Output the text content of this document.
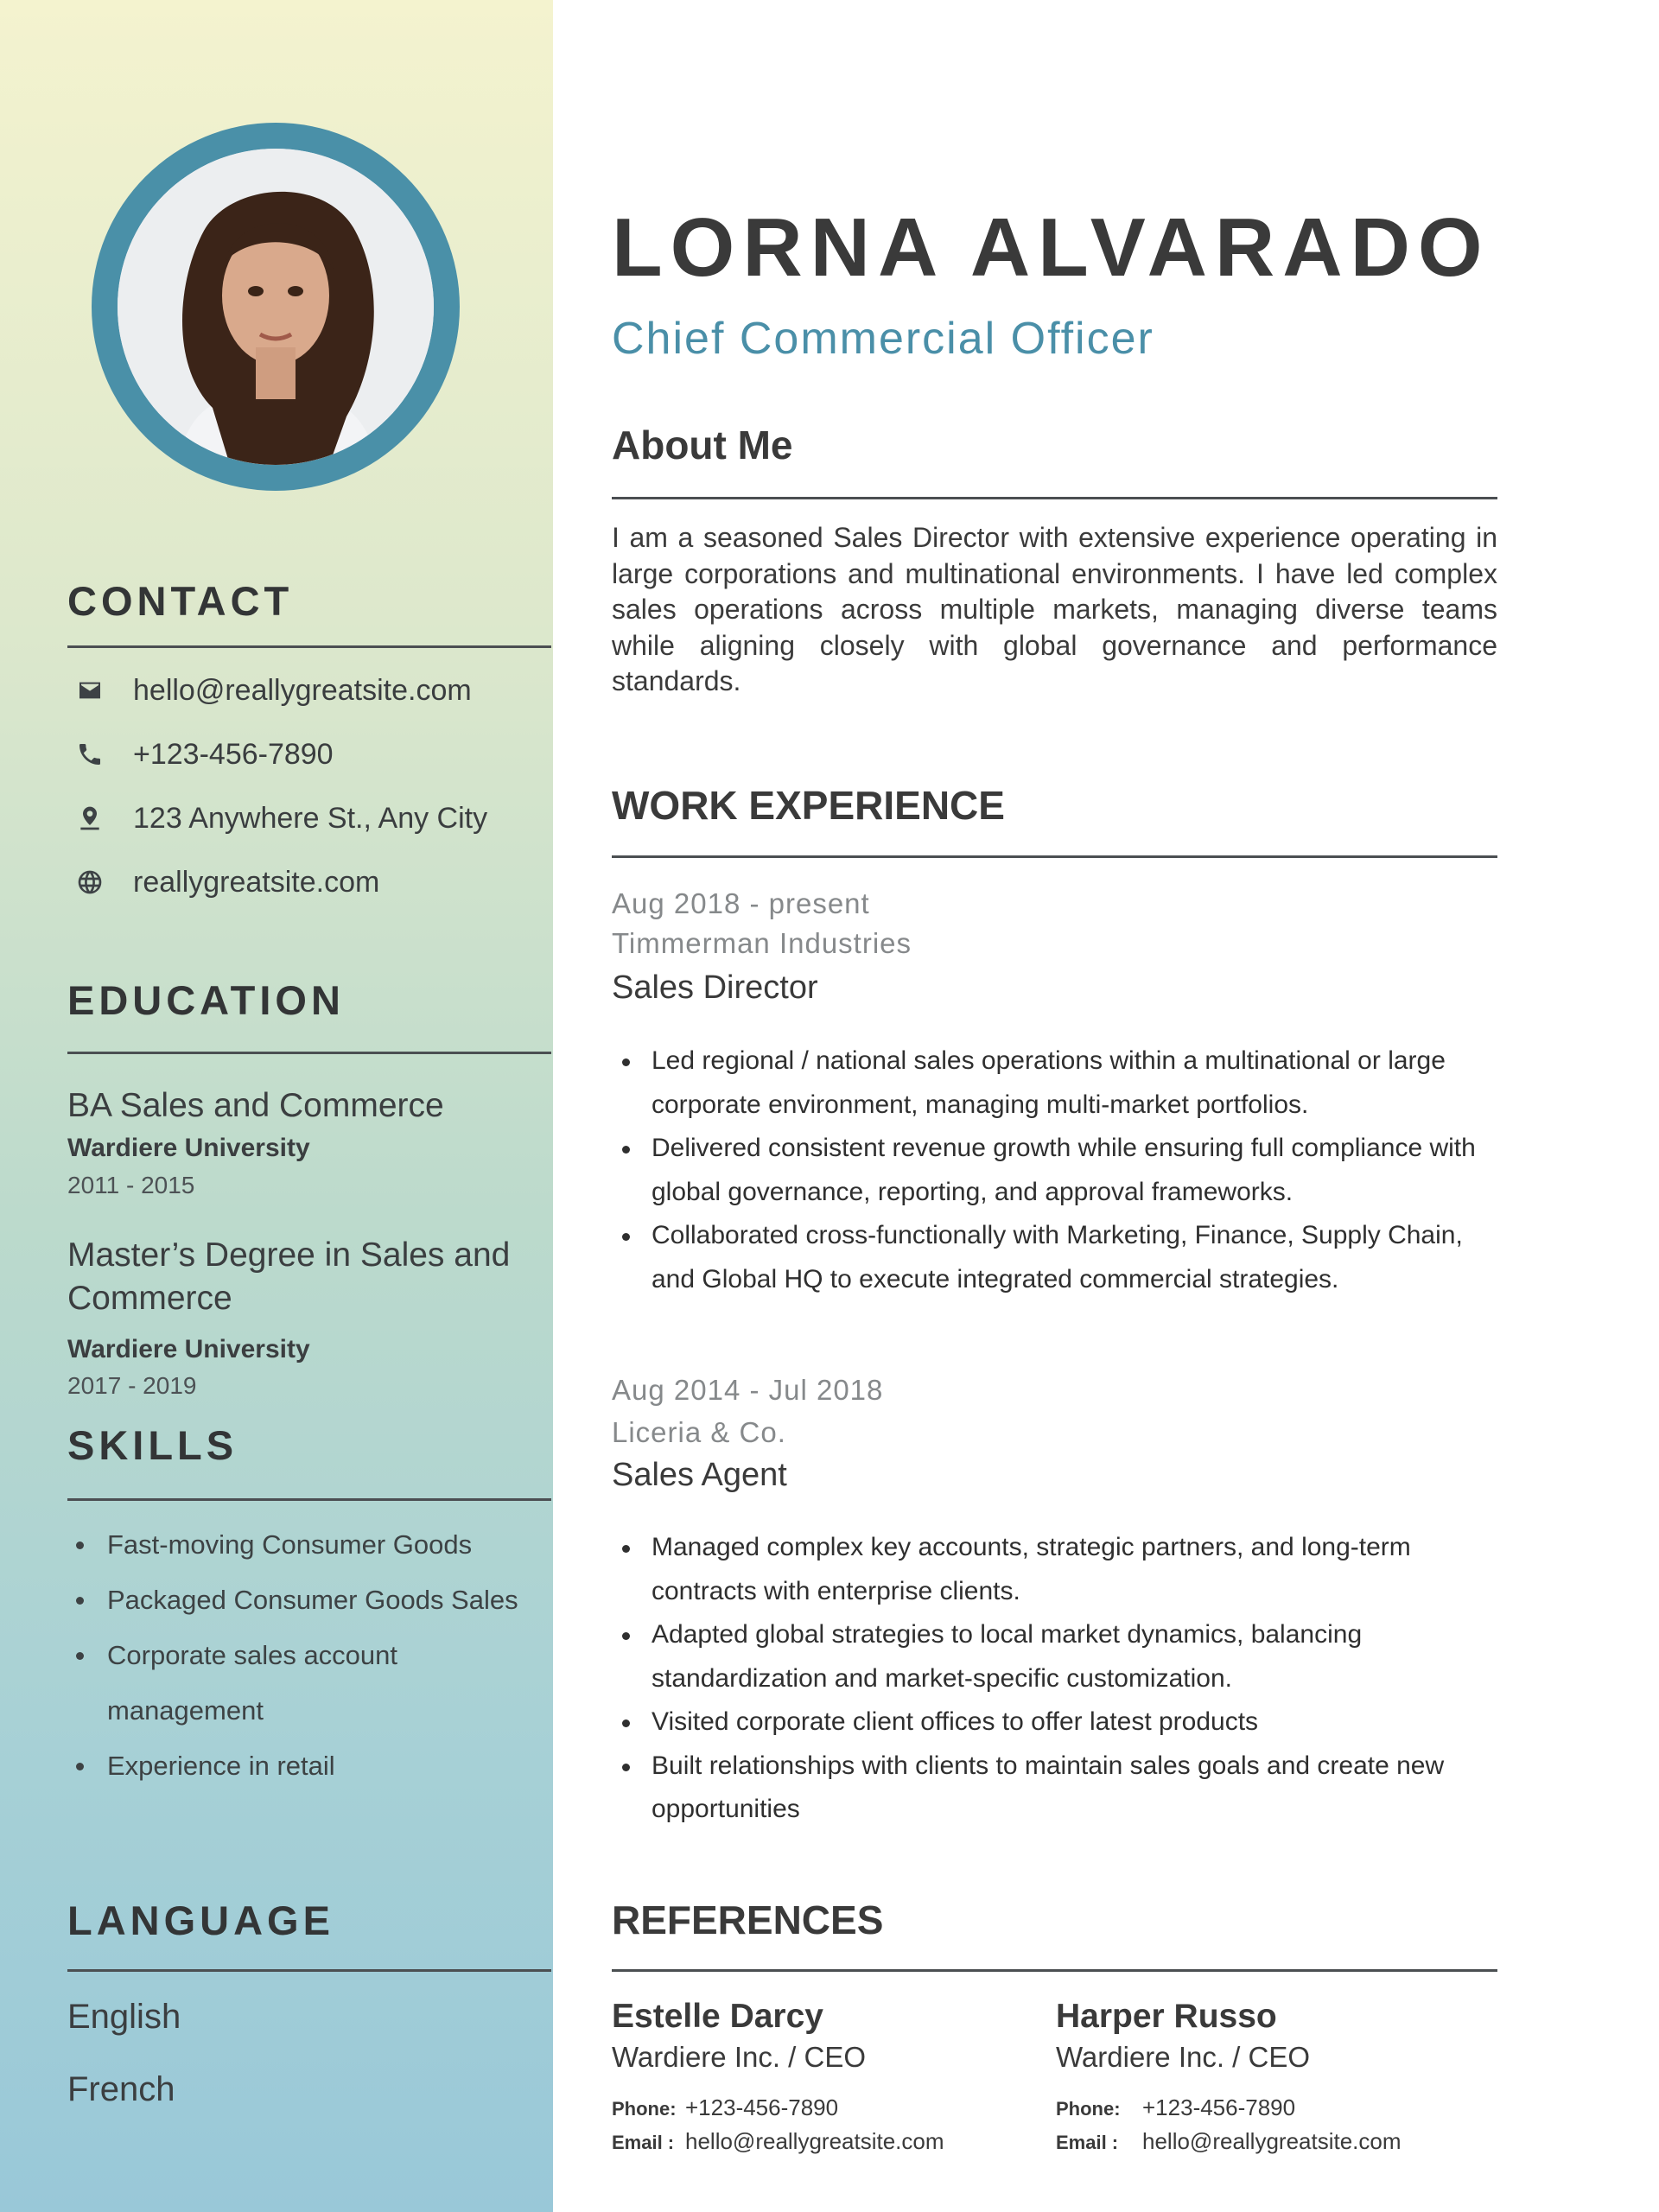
CONTACT
hello@reallygreatsite.com
+123-456-7890
123 Anywhere St., Any City
reallygreatsite.com
EDUCATION
BA Sales and Commerce
Wardiere University
2011 - 2015
Master’s Degree in Sales and Commerce
Wardiere University
2017 - 2019
SKILLS
Fast-moving Consumer Goods
Packaged Consumer Goods Sales
Corporate sales account management
Experience in retail
LANGUAGE
English
French
LORNA ALVARADO
Chief Commercial Officer
About Me
I am a seasoned Sales Director with extensive experience operating in large corporations and multinational environments. I have led complex sales operations across multiple markets, managing diverse teams while aligning closely with global governance and performance standards.
WORK EXPERIENCE
Aug 2018 - present
Timmerman Industries
Sales Director
Led regional / national sales operations within a multinational or large corporate environment, managing multi-market portfolios.
Delivered consistent revenue growth while ensuring full compliance with global governance, reporting, and approval frameworks.
Collaborated cross-functionally with Marketing, Finance, Supply Chain, and Global HQ to execute integrated commercial strategies.
Aug 2014 - Jul 2018
Liceria & Co.
Sales Agent
Managed complex key accounts, strategic partners, and long-term contracts with enterprise clients.
Adapted global strategies to local market dynamics, balancing standardization and market-specific customization.
Visited corporate client offices to offer latest products
Built relationships with clients to maintain sales goals and create new opportunities
REFERENCES
Estelle Darcy
Wardiere Inc. / CEO
Phone: +123-456-7890
Email : hello@reallygreatsite.com
Harper Russo
Wardiere Inc. / CEO
Phone: +123-456-7890
Email : hello@reallygreatsite.com
